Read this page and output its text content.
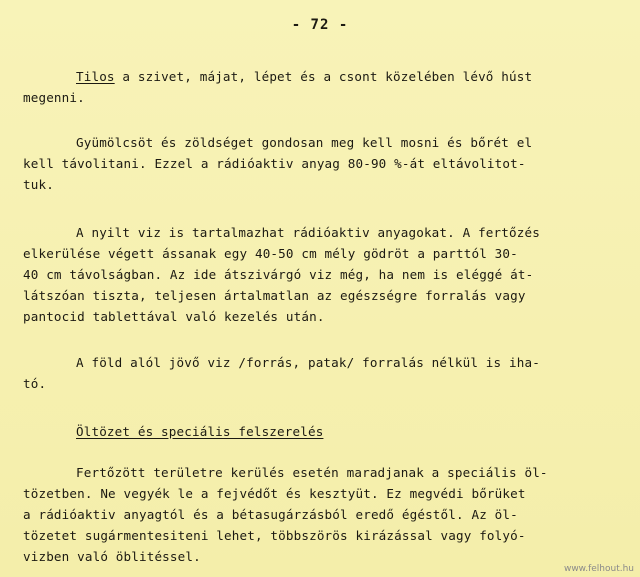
- 72 -
Tilos a szivet, májat, lépet és a csont közelében lévő húst
megenni.
Gyümölcsöt és zöldséget gondosan meg kell mosni és bőrét el
kell távolitani. Ezzel a rádióaktiv anyag 80-90 %-át eltávolitot-
tuk.
A nyilt viz is tartalmazhat rádióaktiv anyagokat. A fertőzés
elkerülése végett ássanak egy 40-50 cm mély gödröt a parttól 30-
40 cm távolságban. Az ide átszivárgó viz még, ha nem is eléggé át-
látszóan tiszta, teljesen ártalmatlan az egészségre forralás vagy
pantocid tablettával való kezelés után.
A föld alól jövő viz /forrás, patak/ forralás nélkül is iha-
tó.
Öltözet és speciális felszerelés
Fertőzött területre kerülés esetén maradjanak a speciális öl-
tözetben. Ne vegyék le a fejvédőt és kesztyüt. Ez megvédi bőrüket
a rádióaktiv anyagtól és a bétasugárzásból eredő égéstől. Az öl-
tözetet sugármentesiteni lehet, többszörös kirázással vagy folyó-
vizben való öblitéssel.
www.felhout.hu
